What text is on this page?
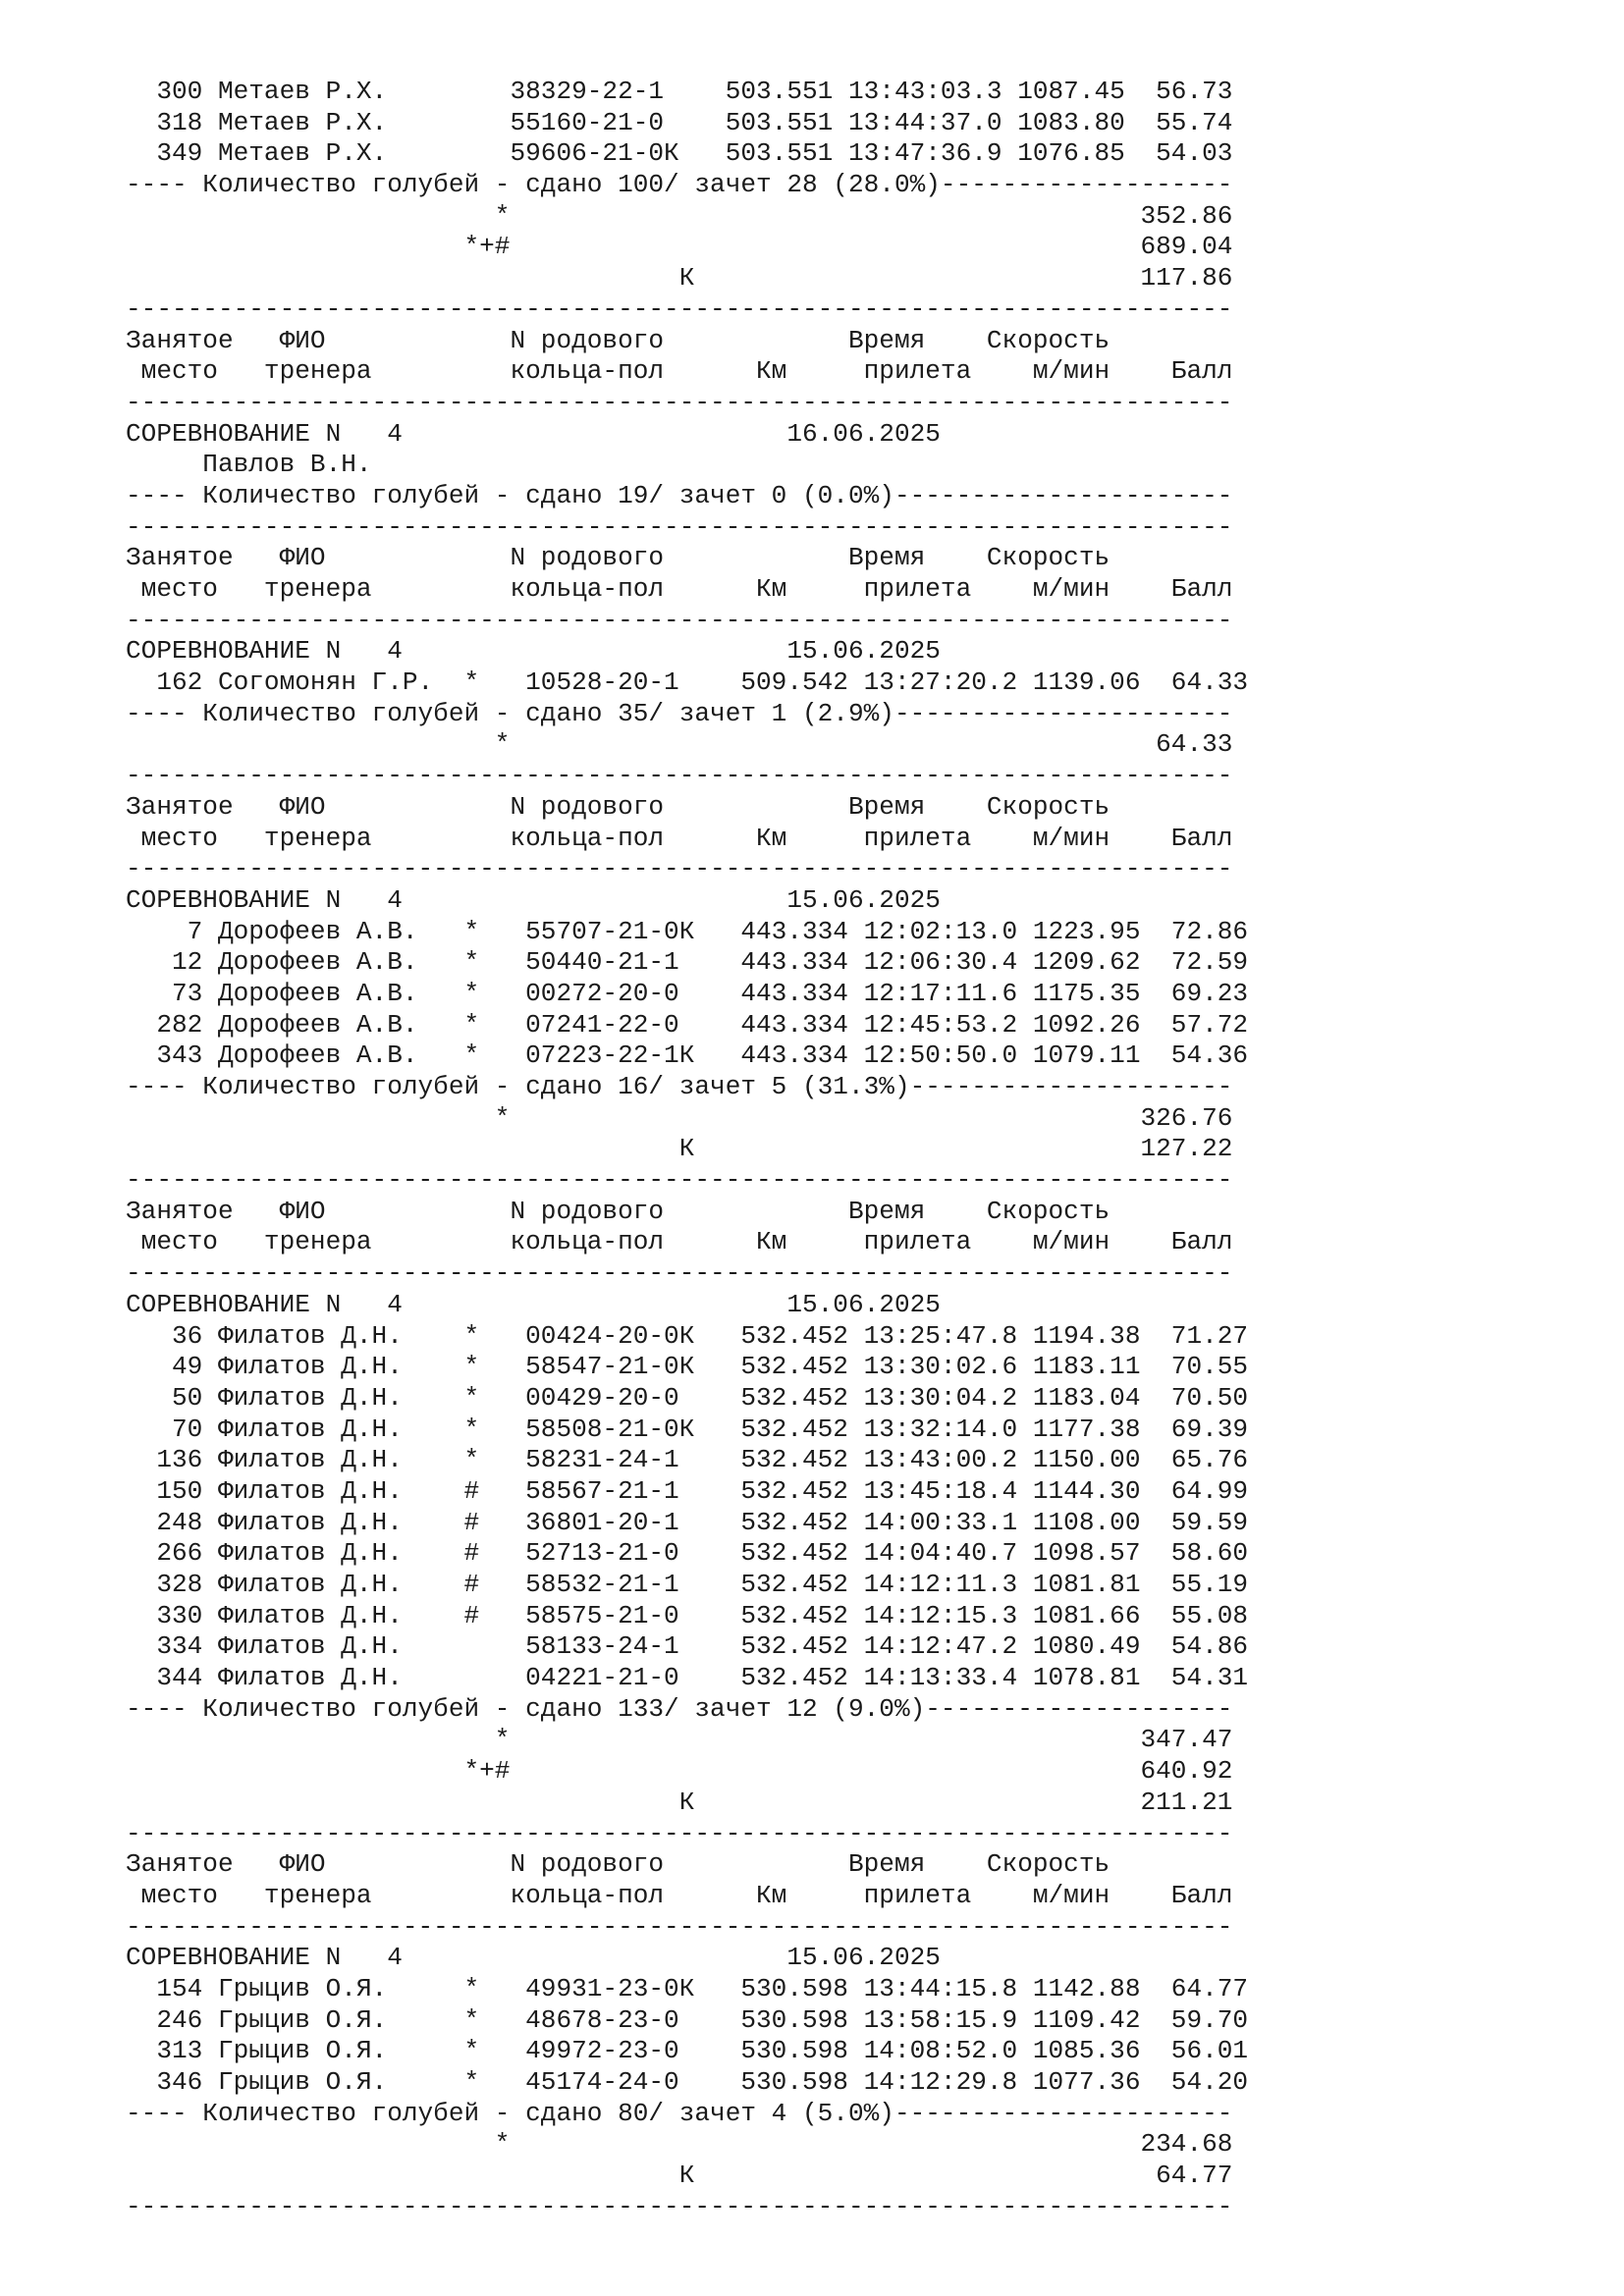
300 Метаев Р.Х.        38329-22-1    503.551 13:43:03.3 1087.45  56.73
318 Метаев Р.Х.        55160-21-0    503.551 13:44:37.0 1083.80  55.74
349 Метаев Р.Х.        59606-21-0К   503.551 13:47:36.9 1076.85  54.03
---- Количество голубей - сдано 100/ зачет 28 (28.0%)-------------------
*                                         352.86
*+#                                         689.04
К                             117.86
------------------------------------------------------------------------
Занятое   ФИО            N родового            Время    Скорость
место   тренера         кольца-пол      Км     прилета    м/мин    Балл
------------------------------------------------------------------------
СОРЕВНОВАНИЕ N   4                         16.06.2025
Павлов В.Н.
---- Количество голубей - сдано 19/ зачет 0 (0.0%)----------------------
------------------------------------------------------------------------
Занятое   ФИО            N родового            Время    Скорость
место   тренера         кольца-пол      Км     прилета    м/мин    Балл
------------------------------------------------------------------------
СОРЕВНОВАНИЕ N   4                         15.06.2025
162 Согомонян Г.Р.  *   10528-20-1    509.542 13:27:20.2 1139.06  64.33
---- Количество голубей - сдано 35/ зачет 1 (2.9%)----------------------
*                                          64.33
------------------------------------------------------------------------
Занятое   ФИО            N родового            Время    Скорость
место   тренера         кольца-пол      Км     прилета    м/мин    Балл
------------------------------------------------------------------------
СОРЕВНОВАНИЕ N   4                         15.06.2025
7 Дорофеев А.В.   *   55707-21-0К   443.334 12:02:13.0 1223.95  72.86
12 Дорофеев А.В.   *   50440-21-1    443.334 12:06:30.4 1209.62  72.59
73 Дорофеев А.В.   *   00272-20-0    443.334 12:17:11.6 1175.35  69.23
282 Дорофеев А.В.   *   07241-22-0    443.334 12:45:53.2 1092.26  57.72
343 Дорофеев А.В.   *   07223-22-1К   443.334 12:50:50.0 1079.11  54.36
---- Количество голубей - сдано 16/ зачет 5 (31.3%)---------------------
*                                         326.76
К                             127.22
------------------------------------------------------------------------
Занятое   ФИО            N родового            Время    Скорость
место   тренера         кольца-пол      Км     прилета    м/мин    Балл
------------------------------------------------------------------------
СОРЕВНОВАНИЕ N   4                         15.06.2025
36 Филатов Д.Н.    *   00424-20-0К   532.452 13:25:47.8 1194.38  71.27
49 Филатов Д.Н.    *   58547-21-0К   532.452 13:30:02.6 1183.11  70.55
50 Филатов Д.Н.    *   00429-20-0    532.452 13:30:04.2 1183.04  70.50
70 Филатов Д.Н.    *   58508-21-0К   532.452 13:32:14.0 1177.38  69.39
136 Филатов Д.Н.    *   58231-24-1    532.452 13:43:00.2 1150.00  65.76
150 Филатов Д.Н.    #   58567-21-1    532.452 13:45:18.4 1144.30  64.99
248 Филатов Д.Н.    #   36801-20-1    532.452 14:00:33.1 1108.00  59.59
266 Филатов Д.Н.    #   52713-21-0    532.452 14:04:40.7 1098.57  58.60
328 Филатов Д.Н.    #   58532-21-1    532.452 14:12:11.3 1081.81  55.19
330 Филатов Д.Н.    #   58575-21-0    532.452 14:12:15.3 1081.66  55.08
334 Филатов Д.Н.        58133-24-1    532.452 14:12:47.2 1080.49  54.86
344 Филатов Д.Н.        04221-21-0    532.452 14:13:33.4 1078.81  54.31
---- Количество голубей - сдано 133/ зачет 12 (9.0%)--------------------
*                                         347.47
*+#                                         640.92
К                             211.21
------------------------------------------------------------------------
Занятое   ФИО            N родового            Время    Скорость
место   тренера         кольца-пол      Км     прилета    м/мин    Балл
------------------------------------------------------------------------
СОРЕВНОВАНИЕ N   4                         15.06.2025
154 Грыцив О.Я.     *   49931-23-0К   530.598 13:44:15.8 1142.88  64.77
246 Грыцив О.Я.     *   48678-23-0    530.598 13:58:15.9 1109.42  59.70
313 Грыцив О.Я.     *   49972-23-0    530.598 14:08:52.0 1085.36  56.01
346 Грыцив О.Я.     *   45174-24-0    530.598 14:12:29.8 1077.36  54.20
---- Количество голубей - сдано 80/ зачет 4 (5.0%)----------------------
*                                         234.68
К                              64.77
------------------------------------------------------------------------
